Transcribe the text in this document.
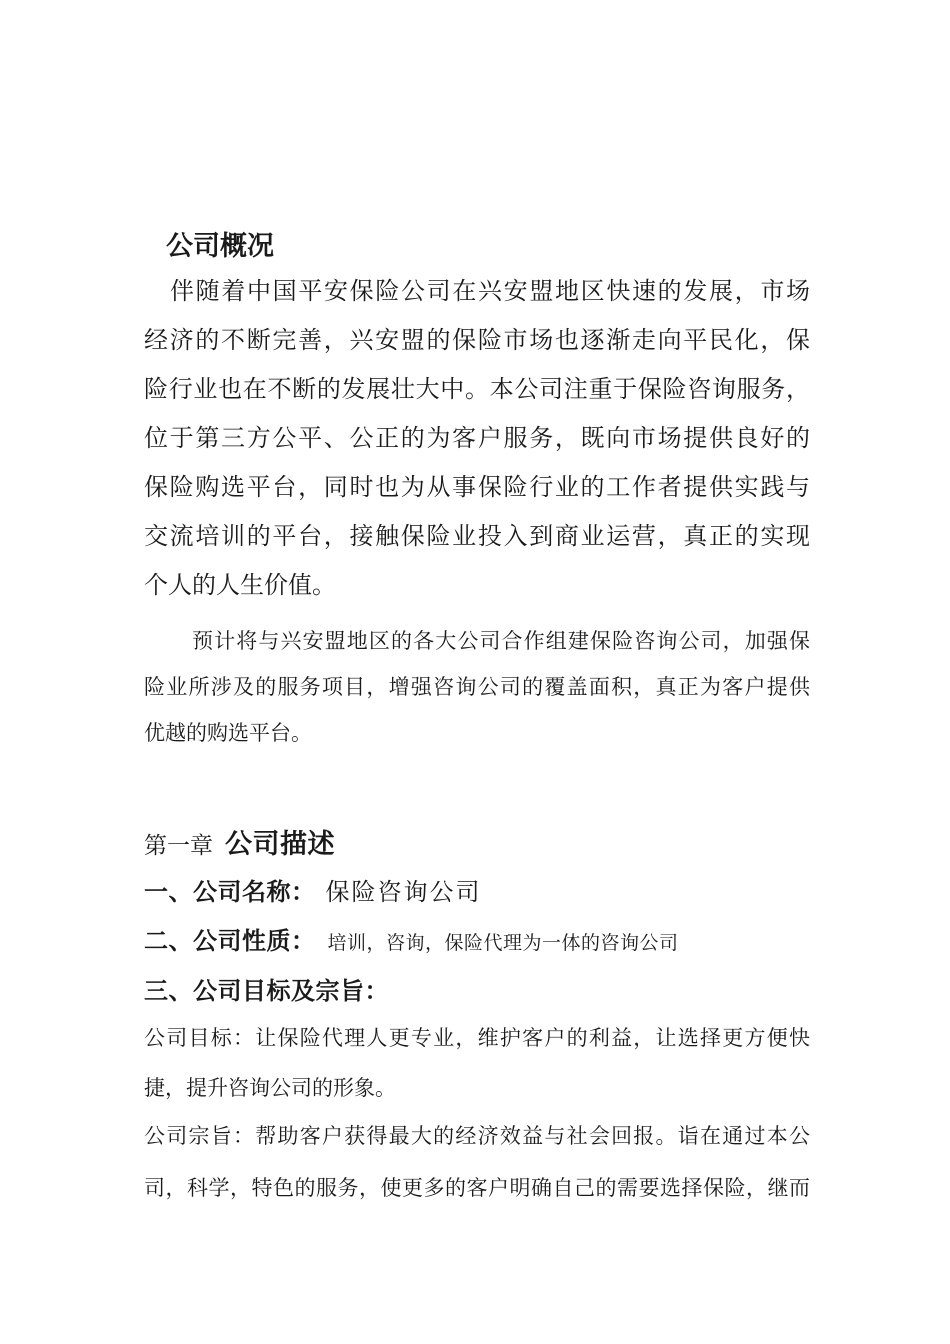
公司概况
伴随着中国平安保险公司在兴安盟地区快速的发展，市场
经济的不断完善，兴安盟的保险市场也逐渐走向平民化，保
险行业也在不断的发展壮大中。本公司注重于保险咨询服务，
位于第三方公平、公正的为客户服务，既向市场提供良好的
保险购选平台，同时也为从事保险行业的工作者提供实践与
交流培训的平台，接触保险业投入到商业运营，真正的实现
个人的人生价值。
预计将与兴安盟地区的各大公司合作组建保险咨询公司，加强保
险业所涉及的服务项目，增强咨询公司的覆盖面积，真正为客户提供
优越的购选平台。
第一章 公司描述
一、公司名称： 保险咨询公司
二、公司性质： 培训，咨询，保险代理为一体的咨询公司
三、公司目标及宗旨：
公司目标：让保险代理人更专业，维护客户的利益，让选择更方便快
捷，提升咨询公司的形象。
公司宗旨：帮助客户获得最大的经济效益与社会回报。诣在通过本公
司，科学，特色的服务，使更多的客户明确自己的需要选择保险，继而
